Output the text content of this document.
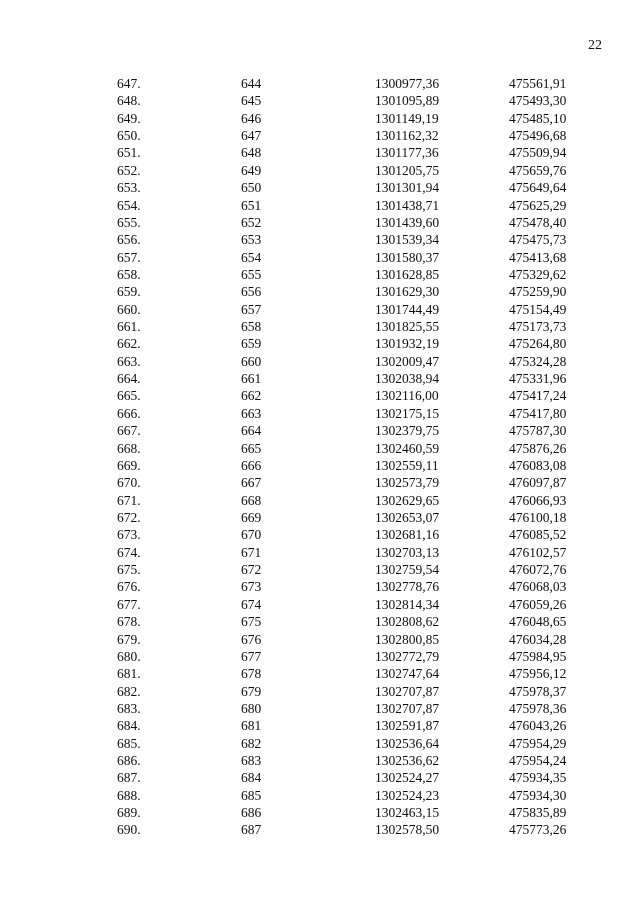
22
647.	644	1300977,36	475561,91
648.	645	1301095,89	475493,30
649.	646	1301149,19	475485,10
650.	647	1301162,32	475496,68
651.	648	1301177,36	475509,94
652.	649	1301205,75	475659,76
653.	650	1301301,94	475649,64
654.	651	1301438,71	475625,29
655.	652	1301439,60	475478,40
656.	653	1301539,34	475475,73
657.	654	1301580,37	475413,68
658.	655	1301628,85	475329,62
659.	656	1301629,30	475259,90
660.	657	1301744,49	475154,49
661.	658	1301825,55	475173,73
662.	659	1301932,19	475264,80
663.	660	1302009,47	475324,28
664.	661	1302038,94	475331,96
665.	662	1302116,00	475417,24
666.	663	1302175,15	475417,80
667.	664	1302379,75	475787,30
668.	665	1302460,59	475876,26
669.	666	1302559,11	476083,08
670.	667	1302573,79	476097,87
671.	668	1302629,65	476066,93
672.	669	1302653,07	476100,18
673.	670	1302681,16	476085,52
674.	671	1302703,13	476102,57
675.	672	1302759,54	476072,76
676.	673	1302778,76	476068,03
677.	674	1302814,34	476059,26
678.	675	1302808,62	476048,65
679.	676	1302800,85	476034,28
680.	677	1302772,79	475984,95
681.	678	1302747,64	475956,12
682.	679	1302707,87	475978,37
683.	680	1302707,87	475978,36
684.	681	1302591,87	476043,26
685.	682	1302536,64	475954,29
686.	683	1302536,62	475954,24
687.	684	1302524,27	475934,35
688.	685	1302524,23	475934,30
689.	686	1302463,15	475835,89
690.	687	1302578,50	475773,26
